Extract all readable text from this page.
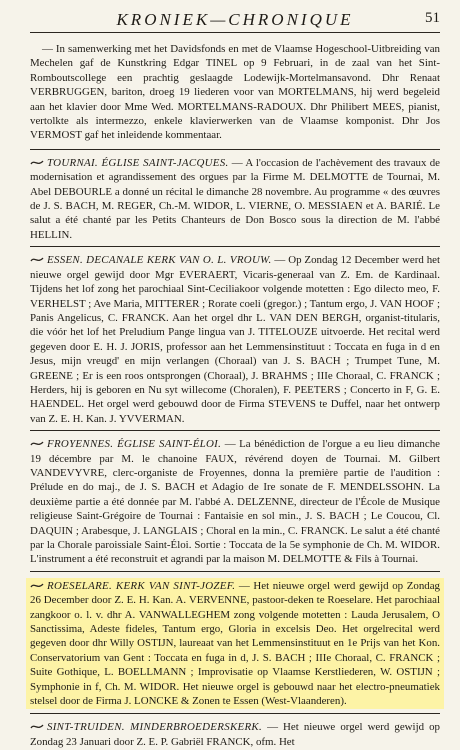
KRONIEK—CHRONIQUE	51

— In samenwerking met het Davidsfonds en met de Vlaamse Hogeschool-Uitbreiding van Mechelen gaf de Kunstkring Edgar TINEL op 9 Februari, in de zaal van het Sint-Romboutscollege een prachtig geslaagde Lodewijk-Mortelmansavond. Dhr Renaat VERBRUGGEN, bariton, droeg 19 liederen voor van MORTELMANS, hij werd begeleid aan het klavier door Mme Wed. MORTELMANS-RADOUX. Dhr Philibert MEES, pianist, vertolkte als intermezzo, enkele klavierwerken van de Vlaamse komponist. Dhr Jos VERMOST gaf het inleidende kommentaar.

TOURNAI. ÉGLISE SAINT-JACQUES. — A l'occasion de l'achèvement des travaux de modernisation et agrandissement des orgues par la Firme M. DELMOTTE de Tournai, M. Abel DEBOURLE a donné un récital le dimanche 28 novembre. Au programme « des œuvres de J. S. BACH, M. REGER, Ch.-M. WIDOR, L. VIERNE, O. MESSIAEN et A. BARIÉ. Le salut a été chanté par les Petits Chanteurs de Don Bosco sous la direction de M. l'abbé HELLIN.

ESSEN. DECANALE KERK VAN O. L. VROUW. — Op Zondag 12 December werd het nieuwe orgel gewijd door Mgr EVERAERT, Vicaris-generaal van Z. Em. de Kardinaal. Tijdens het lof zong het parochiaal Sint-Ceciliakoor volgende motetten : Ego dilecto meo, F. VERHELST ; Ave Maria, MITTERER ; Rorate coeli (gregor.) ; Tantum ergo, J. VAN HOOF ; Panis Angelicus, C. FRANCK. Aan het orgel dhr L. VAN DEN BERGH, organist-titularis, die vóór het lof het Preludium Pange lingua van J. TITELOUZE uitvoerde. Het recital werd gegeven door E. H. J. JORIS, professor aan het Lemmensinstituut : Toccata en fuga in d en Jesus, mijn vreugd' en mijn verlangen (Choraal) van J. S. BACH ; Trumpet Tune, M. GREENE ; Er is een roos ontsprongen (Choraal), J. BRAHMS ; IIIe Choraal, C. FRANCK ; Herders, hij is geboren en Nu syt willecome (Choralen), F. PEETERS ; Concerto in F, G. E. HAENDEL. Het orgel werd gebouwd door de Firma STEVENS te Duffel, naar het ontwerp van Z. E. H. Kan. J. YVVERMAN.

FROYENNES. ÉGLISE SAINT-ÉLOI. — La bénédiction de l'orgue a eu lieu dimanche 19 décembre par M. le chanoine FAUX, révérend doyen de Tournai. M. Gilbert VANDEVYVRE, clerc-organiste de Froyennes, donna la première partie de l'audition : Prélude en do maj., de J. S. BACH et Adagio de Ire sonate de F. MENDELSSOHN. La deuxième partie a été donnée par M. l'abbé A. DELZENNE, directeur de l'École de Musique religieuse Saint-Grégoire de Tournai : Fantaisie en sol min., J. S. BACH ; Le Coucou, Cl. DAQUIN ; Arabesque, J. LANGLAIS ; Choral en la min., C. FRANCK. Le salut a été chanté par la Chorale paroissiale Saint-Éloi. Sortie : Toccata de la 5e symphonie de Ch. M. WIDOR. L'instrument a été reconstruit et agrandi par la maison M. DELMOTTE & Fils à Tournai.

ROESELARE. KERK VAN SINT-JOZEF. — Het nieuwe orgel werd gewijd op Zondag 26 December door Z. E. H. Kan. A. VERVENNE, pastoor-deken te Roeselare. Het parochiaal zangkoor o. l. v. dhr A. VANWALLEGHEM zong volgende motetten : Lauda Jerusalem, O Sanctissima, Adeste fideles, Tantum ergo, Gloria in excelsis Deo. Het orgelrecital werd gegeven door dhr Willy OSTIJN, laureaat van het Lemmensinstituut en 1e Prijs van het Kon. Conservatorium van Gent : Toccata en fuga in d, J. S. BACH ; IIIe Choraal, C. FRANCK ; Suite Gothique, L. BOELLMANN ; Improvisatie op Vlaamse Kerstliederen, W. OSTIJN ; Symphonie in f, Ch. M. WIDOR. Het nieuwe orgel is gebouwd naar het electro-pneumatiek stelsel door de Firma J. LONCKE & Zonen te Essen (West-Vlaanderen).

SINT-TRUIDEN. MINDERBROEDERSKERK. — Het nieuwe orgel werd gewijd op Zondag 23 Januari door Z. E. P. Gabriël FRANCK, ofm. Het
